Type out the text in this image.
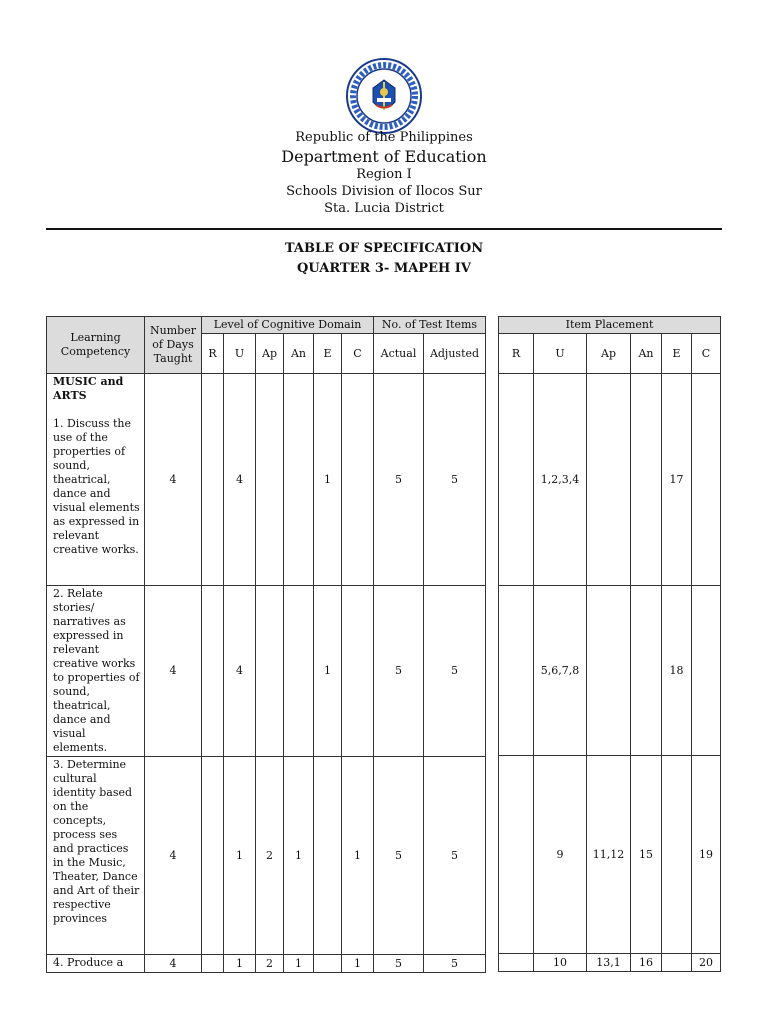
Republic of the Philippines
Department of Education
Region I
Schools Division of Ilocos Sur
Sta. Lucia District
TABLE OF SPECIFICATION
QUARTER 3- MAPEH IV
Learning Competency	Number of Days Taught	Level of Cognitive Domain						No. of Test Items	
		R	U	Ap	An	E	C	Actual	Adjusted
MUSIC and ARTS

1. Discuss the use of the properties of sound, theatrical, dance and visual elements as expressed in relevant creative works.	4		4			1		5	5
2. Relate stories/ narratives as expressed in relevant creative works to properties of sound, theatrical, dance and visual elements.	4		4			1		5	5
3. Determine cultural identity based on the concepts, process ses and practices in the Music, Theater, Dance and Art of their respective provinces	4		1	2	1		1	5	5
4. Produce a	4		1	2	1		1	5	5
Item Placement					
R	U	Ap	An	E	C
	1,2,3,4			17	
	5,6,7,8			18	
	9	11,12	15		19
	10	13,1	16		20
